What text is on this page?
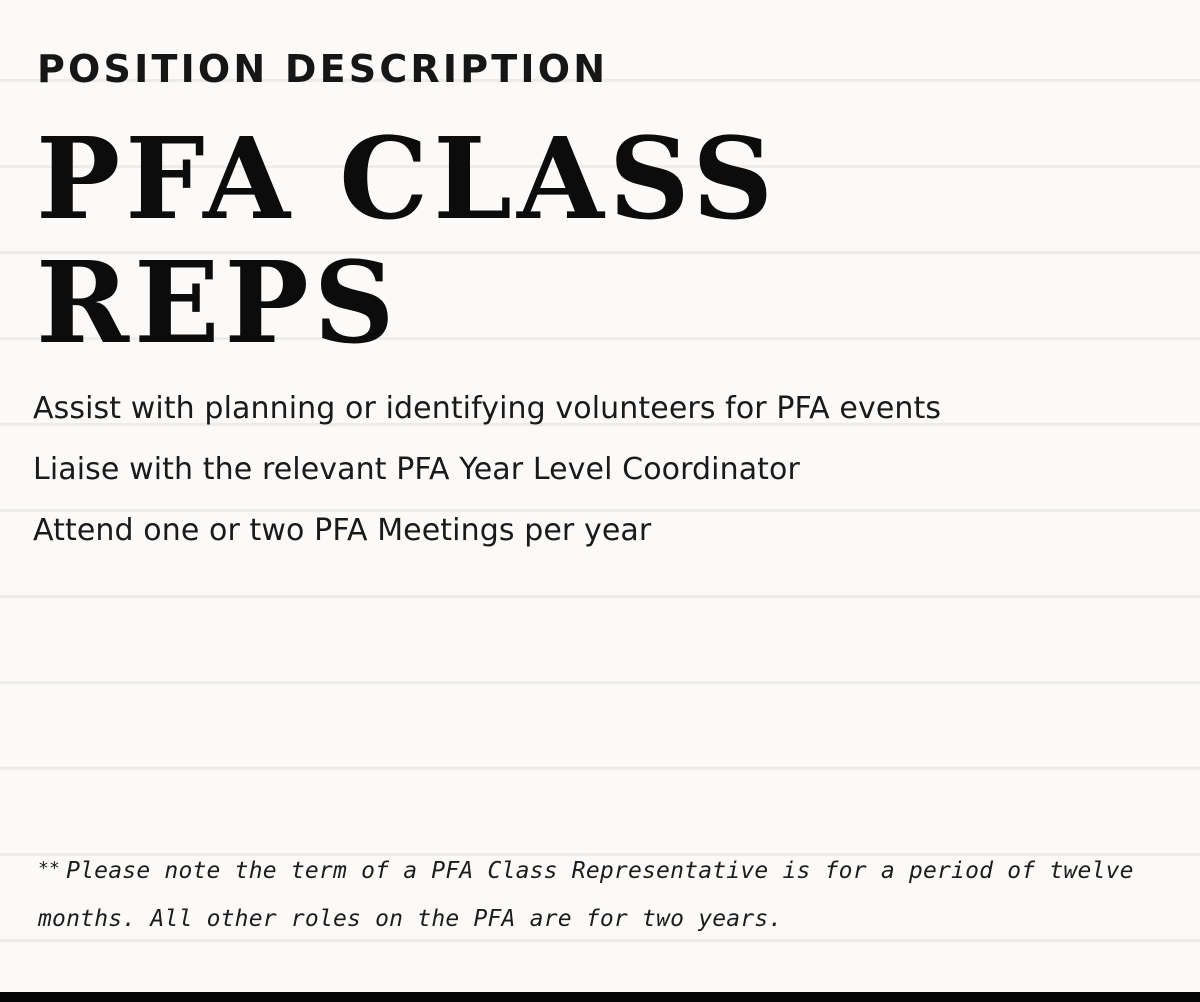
POSITION DESCRIPTION
PFA CLASS
REPS
Assist with planning or identifying volunteers for PFA events
Liaise with the relevant PFA Year Level Coordinator
Attend one or two PFA Meetings per year

** Please note the term of a PFA Class Representative is for a period of twelve months. All other roles on the PFA are for two years.
